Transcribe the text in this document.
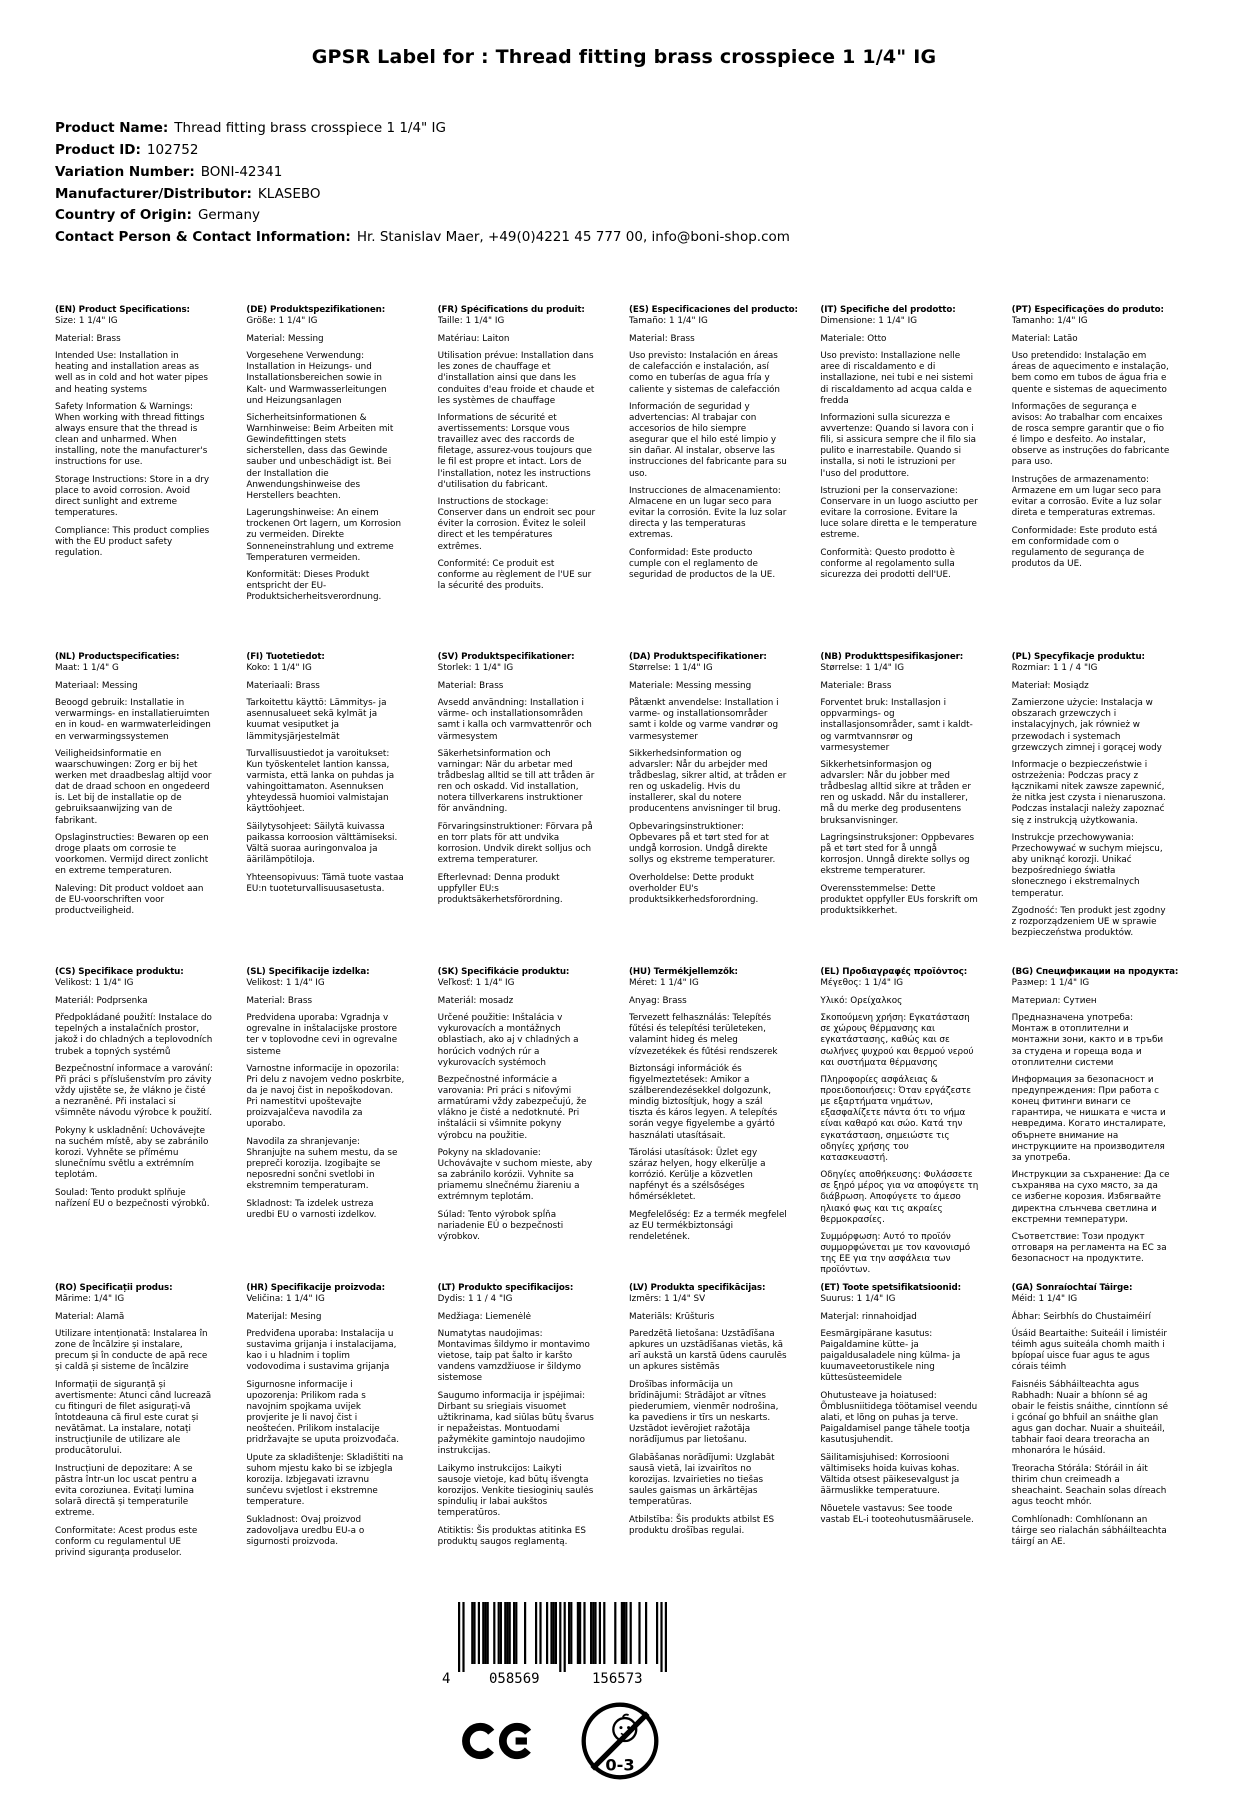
GPSR Label for : Thread fitting brass crosspiece 1 1/4" IG
Product Name: Thread fitting brass crosspiece 1 1/4" IG
Product ID: 102752
Variation Number: BONI-42341
Manufacturer/Distributor: KLASEBO
Country of Origin: Germany
Contact Person & Contact Information: Hr. Stanislav Maer, +49(0)4221 45 777 00, info@boni-shop.com
(EN) Product Specifications:

Size: 1 1/4" IG

Material: Brass

Intended Use: Installation in heating and installation areas as well as in cold and hot water pipes and heating systems

Safety Information & Warnings: When working with thread fittings always ensure that the thread is clean and unharmed. When installing, note the manufacturer's instructions for use.

Storage Instructions: Store in a dry place to avoid corrosion. Avoid direct sunlight and extreme temperatures.

Compliance: This product complies with the EU product safety regulation.

(DE) Produktspezifikationen:

Größe: 1 1/4" IG

Material: Messing

Vorgesehene Verwendung: Installation in Heizungs- und Installationsbereichen sowie in Kalt- und Warmwasserleitungen und Heizungsanlagen

Sicherheitsinformationen & Warnhinweise: Beim Arbeiten mit Gewindefittingen stets sicherstellen, dass das Gewinde sauber und unbeschädigt ist. Bei der Installation die Anwendungshinweise des Herstellers beachten.

Lagerungshinweise: An einem trockenen Ort lagern, um Korrosion zu vermeiden. Direkte Sonneneinstrahlung und extreme Temperaturen vermeiden.

Konformität: Dieses Produkt entspricht der EU-Produktsicherheitsverordnung.

(FR) Spécifications du produit:

Taille: 1 1/4" IG

Matériau: Laiton

Utilisation prévue: Installation dans les zones de chauffage et d'installation ainsi que dans les conduites d'eau froide et chaude et les systèmes de chauffage

Informations de sécurité et avertissements: Lorsque vous travaillez avec des raccords de filetage, assurez-vous toujours que le fil est propre et intact. Lors de l'installation, notez les instructions d'utilisation du fabricant.

Instructions de stockage: Conserver dans un endroit sec pour éviter la corrosion. Évitez le soleil direct et les températures extrêmes.

Conformité: Ce produit est conforme au règlement de l'UE sur la sécurité des produits.

(ES) Especificaciones del producto:

Tamaño: 1 1/4" IG

Material: Brass

Uso previsto: Instalación en áreas de calefacción e instalación, así como en tuberías de agua fría y caliente y sistemas de calefacción

Información de seguridad y advertencias: Al trabajar con accesorios de hilo siempre asegurar que el hilo esté limpio y sin dañar. Al instalar, observe las instrucciones del fabricante para su uso.

Instrucciones de almacenamiento: Almacene en un lugar seco para evitar la corrosión. Evite la luz solar directa y las temperaturas extremas.

Conformidad: Este producto cumple con el reglamento de seguridad de productos de la UE.

(IT) Specifiche del prodotto:

Dimensione: 1 1/4" IG

Materiale: Otto

Uso previsto: Installazione nelle aree di riscaldamento e di installazione, nei tubi e nei sistemi di riscaldamento ad acqua calda e fredda

Informazioni sulla sicurezza e avvertenze: Quando si lavora con i fili, si assicura sempre che il filo sia pulito e inarrestabile. Quando si installa, si noti le istruzioni per l'uso del produttore.

Istruzioni per la conservazione: Conservare in un luogo asciutto per evitare la corrosione. Evitare la luce solare diretta e le temperature estreme.

Conformità: Questo prodotto è conforme al regolamento sulla sicurezza dei prodotti dell'UE.

(PT) Especificações do produto:

Tamanho: 1/4" IG

Material: Latão

Uso pretendido: Instalação em áreas de aquecimento e instalação, bem como em tubos de água fria e quente e sistemas de aquecimento

Informações de segurança e avisos: Ao trabalhar com encaixes de rosca sempre garantir que o fio é limpo e desfeito. Ao instalar, observe as instruções do fabricante para uso.

Instruções de armazenamento: Armazene em um lugar seco para evitar a corrosão. Evite a luz solar direta e temperaturas extremas.

Conformidade: Este produto está em conformidade com o regulamento de segurança de produtos da UE.

(NL) Productspecificaties:

Maat: 1 1/4" G

Materiaal: Messing

Beoogd gebruik: Installatie in verwarmings- en installatieruimten en in koud- en warmwaterleidingen en verwarmingssystemen

Veiligheidsinformatie en waarschuwingen: Zorg er bij het werken met draadbeslag altijd voor dat de draad schoon en ongedeerd is. Let bij de installatie op de gebruiksaanwijzing van de fabrikant.

Opslaginstructies: Bewaren op een droge plaats om corrosie te voorkomen. Vermijd direct zonlicht en extreme temperaturen.

Naleving: Dit product voldoet aan de EU-voorschriften voor productveiligheid.

(FI) Tuotetiedot:

Koko: 1 1/4" IG

Materiaali: Brass

Tarkoitettu käyttö: Lämmitys- ja asennusalueet sekä kylmät ja kuumat vesiputket ja lämmitysjärjestelmät

Turvallisuustiedot ja varoitukset: Kun työskentelet lantion kanssa, varmista, että lanka on puhdas ja vahingoittamaton. Asennuksen yhteydessä huomioi valmistajan käyttöohjeet.

Säilytysohjeet: Säilytä kuivassa paikassa korroosion välttämiseksi. Vältä suoraa auringonvaloa ja äärilämpötiloja.

Yhteensopivuus: Tämä tuote vastaa EU:n tuoteturvallisuusasetusta.

(SV) Produktspecifikationer:

Storlek: 1 1/4" IG

Material: Brass

Avsedd användning: Installation i värme- och installationsområden samt i kalla och varmvattenrör och värmesystem

Säkerhetsinformation och varningar: När du arbetar med trådbeslag alltid se till att tråden är ren och oskadd. Vid installation, notera tillverkarens instruktioner för användning.

Förvaringsinstruktioner: Förvara på en torr plats för att undvika korrosion. Undvik direkt solljus och extrema temperaturer.

Efterlevnad: Denna produkt uppfyller EU:s produktsäkerhetsförordning.

(DA) Produktspecifikationer:

Størrelse: 1 1/4" IG

Materiale: Messing messing

Påtænkt anvendelse: Installation i varme- og installationsområder samt i kolde og varme vandrør og varmesystemer

Sikkerhedsinformation og advarsler: Når du arbejder med trådbeslag, sikrer altid, at tråden er ren og uskadelig. Hvis du installerer, skal du notere producentens anvisninger til brug.

Opbevaringsinstruktioner: Opbevares på et tørt sted for at undgå korrosion. Undgå direkte sollys og ekstreme temperaturer.

Overholdelse: Dette produkt overholder EU's produktsikkerhedsforordning.

(NB) Produkttspesifikasjoner:

Størrelse: 1 1/4" IG

Materiale: Brass

Forventet bruk: Installasjon i oppvarmings- og installasjonsområder, samt i kaldt- og varmtvannsrør og varmesystemer

Sikkerhetsinformasjon og advarsler: Når du jobber med trådbeslag alltid sikre at tråden er ren og uskadd. Når du installerer, må du merke deg produsentens bruksanvisninger.

Lagringsinstruksjoner: Oppbevares på et tørt sted for å unngå korrosjon. Unngå direkte sollys og ekstreme temperaturer.

Overensstemmelse: Dette produktet oppfyller EUs forskrift om produktsikkerhet.

(PL) Specyfikacje produktu:

Rozmiar: 1 1 / 4 "IG

Materiał: Mosiądz

Zamierzone użycie: Instalacja w obszarach grzewczych i instalacyjnych, jak również w przewodach i systemach grzewczych zimnej i gorącej wody

Informacje o bezpieczeństwie i ostrzeżenia: Podczas pracy z łącznikami nitek zawsze zapewnić, że nitka jest czysta i nienaruszona. Podczas instalacji należy zapoznać się z instrukcją użytkowania.

Instrukcje przechowywania: Przechowywać w suchym miejscu, aby uniknąć korozji. Unikać bezpośredniego światła słonecznego i ekstremalnych temperatur.

Zgodność: Ten produkt jest zgodny z rozporządzeniem UE w sprawie bezpieczeństwa produktów.

(CS) Specifikace produktu:

Velikost: 1 1/4" IG

Materiál: Podprsenka

Předpokládané použití: Instalace do tepelných a instalačních prostor, jakož i do chladných a teplovodních trubek a topných systémů

Bezpečnostní informace a varování: Při práci s příslušenstvím pro závity vždy ujistěte se, že vlákno je čisté a nezraněné. Při instalaci si všimněte návodu výrobce k použití.

Pokyny k uskladnění: Uchovávejte na suchém místě, aby se zabránilo korozi. Vyhněte se přímému slunečnímu světlu a extrémním teplotám.

Soulad: Tento produkt splňuje nařízení EU o bezpečnosti výrobků.

(SL) Specifikacije izdelka:

Velikost: 1 1/4" IG

Material: Brass

Predvidena uporaba: Vgradnja v ogrevalne in inštalacijske prostore ter v toplovodne cevi in ogrevalne sisteme

Varnostne informacije in opozorila: Pri delu z navojem vedno poskrbite, da je navoj čist in nepoškodovan. Pri namestitvi upoštevajte proizvajalčeva navodila za uporabo.

Navodila za shranjevanje: Shranjujte na suhem mestu, da se prepreči korozija. Izogibajte se neposredni sončni svetlobi in ekstremnim temperaturam.

Skladnost: Ta izdelek ustreza uredbi EU o varnosti izdelkov.

(SK) Špecifikácie produktu:

Veľkosť: 1 1/4" IG

Materiál: mosadz

Určené použitie: Inštalácia v vykurovacích a montážnych oblastiach, ako aj v chladných a horúcich vodných rúr a vykurovacích systémoch

Bezpečnostné informácie a varovania: Pri práci s niťovými armatúrami vždy zabezpečujú, že vlákno je čisté a nedotknuté. Pri inštalácii si všimnite pokyny výrobcu na použitie.

Pokyny na skladovanie: Uchovávajte v suchom mieste, aby sa zabránilo korózii. Vyhnite sa priamemu slnečnému žiareniu a extrémnym teplotám.

Súlad: Tento výrobok spĺňa nariadenie EÚ o bezpečnosti výrobkov.

(HU) Termékjellemzők:

Méret: 1 1/4" IG

Anyag: Brass

Tervezett felhasználás: Telepítés fűtési és telepítési területeken, valamint hideg és meleg vízvezetékek és fűtési rendszerek

Biztonsági információk és figyelmeztetések: Amikor a szálberendezésekkel dolgozunk, mindig biztosítjuk, hogy a szál tiszta és káros legyen. A telepítés során vegye figyelembe a gyártó használati utasításait.

Tárolási utasítások: Üzlet egy száraz helyen, hogy elkerülje a korrózió. Kerülje a közvetlen napfényt és a szélsőséges hőmérsékletet.

Megfelelőség: Ez a termék megfelel az EU termékbiztonsági rendeletének.

(EL) Προδιαγραφές προϊόντος:

Μέγεθος: 1 1/4" IG

Υλικό: Ορείχαλκος

Σκοπούμενη χρήση: Εγκατάσταση σε χώρους θέρμανσης και εγκατάστασης, καθώς και σε σωλήνες ψυχρού και θερμού νερού και συστήματα θέρμανσης

Πληροφορίες ασφάλειας & προειδοποιήσεις: Όταν εργάζεστε με εξαρτήματα νημάτων, εξασφαλίζετε πάντα ότι το νήμα είναι καθαρό και σώο. Κατά την εγκατάσταση, σημειώστε τις οδηγίες χρήσης του κατασκευαστή.

Οδηγίες αποθήκευσης: Φυλάσσετε σε ξηρό μέρος για να αποφύγετε τη διάβρωση. Αποφύγετε το άμεσο ηλιακό φως και τις ακραίες θερμοκρασίες.

Συμμόρφωση: Αυτό το προϊόν συμμορφώνεται με τον κανονισμό της ΕΕ για την ασφάλεια των προϊόντων.

(BG) Спецификации на продукта:

Размер: 1 1/4" IG

Материал: Сутиен

Предназначена употреба: Монтаж в отоплителни и монтажни зони, както и в тръби за студена и гореща вода и отоплителни системи

Информация за безопасност и предупреждения: При работа с конец фитинги винаги се гарантира, че нишката е чиста и невредима. Когато инсталирате, обърнете внимание на инструкциите на производителя за употреба.

Инструкции за съхранение: Да се съхранява на сухо място, за да се избегне корозия. Избягвайте директна слънчева светлина и екстремни температури.

Съответствие: Този продукт отговаря на регламента на ЕС за безопасност на продуктите.

(RO) Specificații produs:

Mărime: 1/4" IG

Material: Alamă

Utilizare intenționată: Instalarea în zone de încălzire și instalare, precum și în conducte de apă rece și caldă și sisteme de încălzire

Informații de siguranță și avertismente: Atunci când lucrează cu fitinguri de filet asigurați-vă întotdeauna că firul este curat și nevătămat. La instalare, notați instrucțiunile de utilizare ale producătorului.

Instrucțiuni de depozitare: A se păstra într-un loc uscat pentru a evita coroziunea. Evitați lumina solară directă și temperaturile extreme.

Conformitate: Acest produs este conform cu regulamentul UE privind siguranța produselor.

(HR) Specifikacije proizvoda:

Veličina: 1 1/4" IG

Materijal: Mesing

Predviđena uporaba: Instalacija u sustavima grijanja i instalacijama, kao i u hladnim i toplim vodovodima i sustavima grijanja

Sigurnosne informacije i upozorenja: Prilikom rada s navojnim spojkama uvijek provjerite je li navoj čist i neoštećen. Prilikom instalacije pridržavajte se uputa proizvođača.

Upute za skladištenje: Skladištiti na suhom mjestu kako bi se izbjegla korozija. Izbjegavati izravnu sunčevu svjetlost i ekstremne temperature.

Sukladnost: Ovaj proizvod zadovoljava uredbu EU-a o sigurnosti proizvoda.

(LT) Produkto specifikacijos:

Dydis: 1 1 / 4 "IG

Medžiaga: Liemenėlė

Numatytas naudojimas: Montavimas šildymo ir montavimo vietose, taip pat šalto ir karšto vandens vamzdžiuose ir šildymo sistemose

Saugumo informacija ir įspėjimai: Dirbant su sriegiais visuomet užtikrinama, kad siūlas būtų švarus ir nepažeistas. Montuodami pažymėkite gamintojo naudojimo instrukcijas.

Laikymo instrukcijos: Laikyti sausoje vietoje, kad būtų išvengta korozijos. Venkite tiesioginių saulės spindulių ir labai aukštos temperatūros.

Atitiktis: Šis produktas atitinka ES produktų saugos reglamentą.

(LV) Produkta specifikācijas:

Izmērs: 1 1/4" SV

Materiāls: Krūšturis

Paredzētā lietošana: Uzstādīšana apkures un uzstādīšanas vietās, kā arī aukstā un karstā ūdens caurulēs un apkures sistēmās

Drošības informācija un brīdinājumi: Strādājot ar vītnes piederumiem, vienmēr nodrošina, ka pavediens ir tīrs un neskarts. Uzstādot ievērojiet ražotāja norādījumus par lietošanu.

Glabāšanas norādījumi: Uzglabāt sausā vietā, lai izvairītos no korozijas. Izvairieties no tiešas saules gaismas un ārkārtējas temperatūras.

Atbilstība: Šis produkts atbilst ES produktu drošības regulai.

(ET) Toote spetsifikatsioonid:

Suurus: 1 1/4" IG

Materjal: rinnahoidjad

Eesmärgipärane kasutus: Paigaldamine kütte- ja paigaldusaladele ning külma- ja kuumaveetorustikele ning küttesüsteemidele

Ohutusteave ja hoiatused: Õmblusniitidega töötamisel veendu alati, et lõng on puhas ja terve. Paigaldamisel pange tähele tootja kasutusjuhendit.

Säilitamisjuhised: Korrosiooni vältimiseks hoida kuivas kohas. Vältida otsest päikesevalgust ja äärmuslikke temperatuure.

Nõuetele vastavus: See toode vastab EL-i tooteohutusmäärusele.

(GA) Sonraíochtaí Táirge:

Méid: 1 1/4" IG

Ábhar: Seirbhís do Chustaiméirí

Úsáid Beartaithe: Suiteáil i limistéir téimh agus suiteála chomh maith i bpíopaí uisce fuar agus te agus córais téimh

Faisnéis Sábháilteachta agus Rabhadh: Nuair a bhíonn sé ag obair le feistis snáithe, cinntíonn sé i gcónaí go bhfuil an snáithe glan agus gan dochar. Nuair a shuiteáil, tabhair faoi deara treoracha an mhonaróra le húsáid.

Treoracha Stórála: Stóráil in áit thirim chun creimeadh a sheachaint. Seachain solas díreach agus teocht mhór.

Comhlíonadh: Comhlíonann an táirge seo rialachán sábháilteachta táirgí an AE.

4	058569	156573
0-3
